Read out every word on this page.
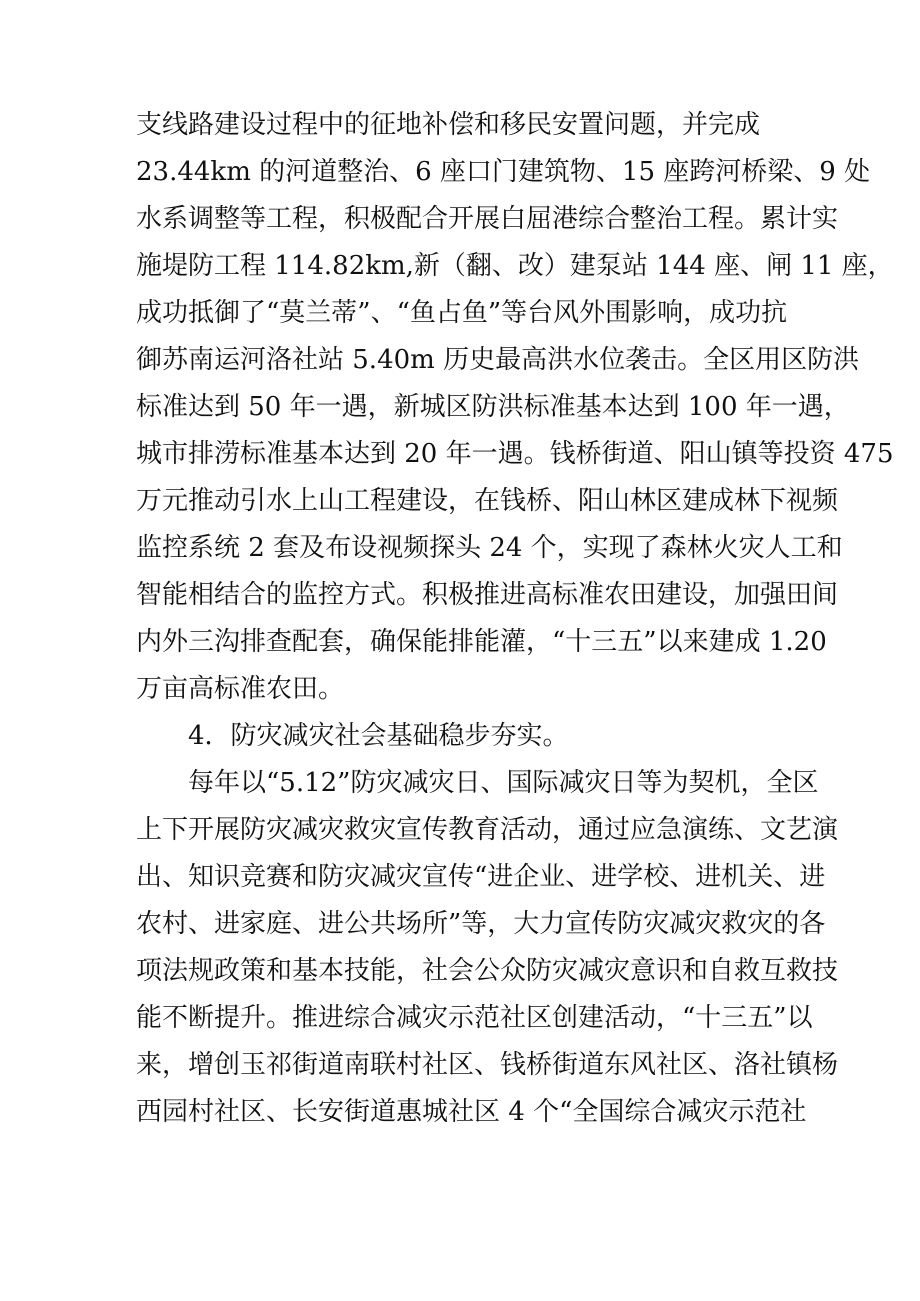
支线路建设过程中的征地补偿和移民安置问题，并完成
23.44km 的河道整治、6 座口门建筑物、15 座跨河桥梁、9 处
水系调整等工程，积极配合开展白屈港综合整治工程。累计实
施堤防工程 114.82km,新（翻、改）建泵站 144 座、闸 11 座，
成功抵御了“莫兰蒂”、“鱼占鱼”等台风外围影响，成功抗
御苏南运河洛社站 5.40m 历史最高洪水位袭击。全区用区防洪
标准达到 50 年一遇，新城区防洪标准基本达到 100 年一遇，
城市排涝标准基本达到 20 年一遇。钱桥街道、阳山镇等投资 475
万元推动引水上山工程建设，在钱桥、阳山林区建成林下视频
监控系统 2 套及布设视频探头 24 个，实现了森林火灾人工和
智能相结合的监控方式。积极推进高标准农田建设，加强田间
内外三沟排查配套，确保能排能灌，“十三五”以来建成 1.20
万亩高标准农田。
4．防灾减灾社会基础稳步夯实。
每年以“5.12”防灾减灾日、国际减灾日等为契机，全区
上下开展防灾减灾救灾宣传教育活动，通过应急演练、文艺演
出、知识竞赛和防灾减灾宣传“进企业、进学校、进机关、进
农村、进家庭、进公共场所”等，大力宣传防灾减灾救灾的各
项法规政策和基本技能，社会公众防灾减灾意识和自救互救技
能不断提升。推进综合减灾示范社区创建活动，“十三五”以
来，增创玉祁街道南联村社区、钱桥街道东风社区、洛社镇杨
西园村社区、长安街道惠城社区 4 个“全国综合减灾示范社
